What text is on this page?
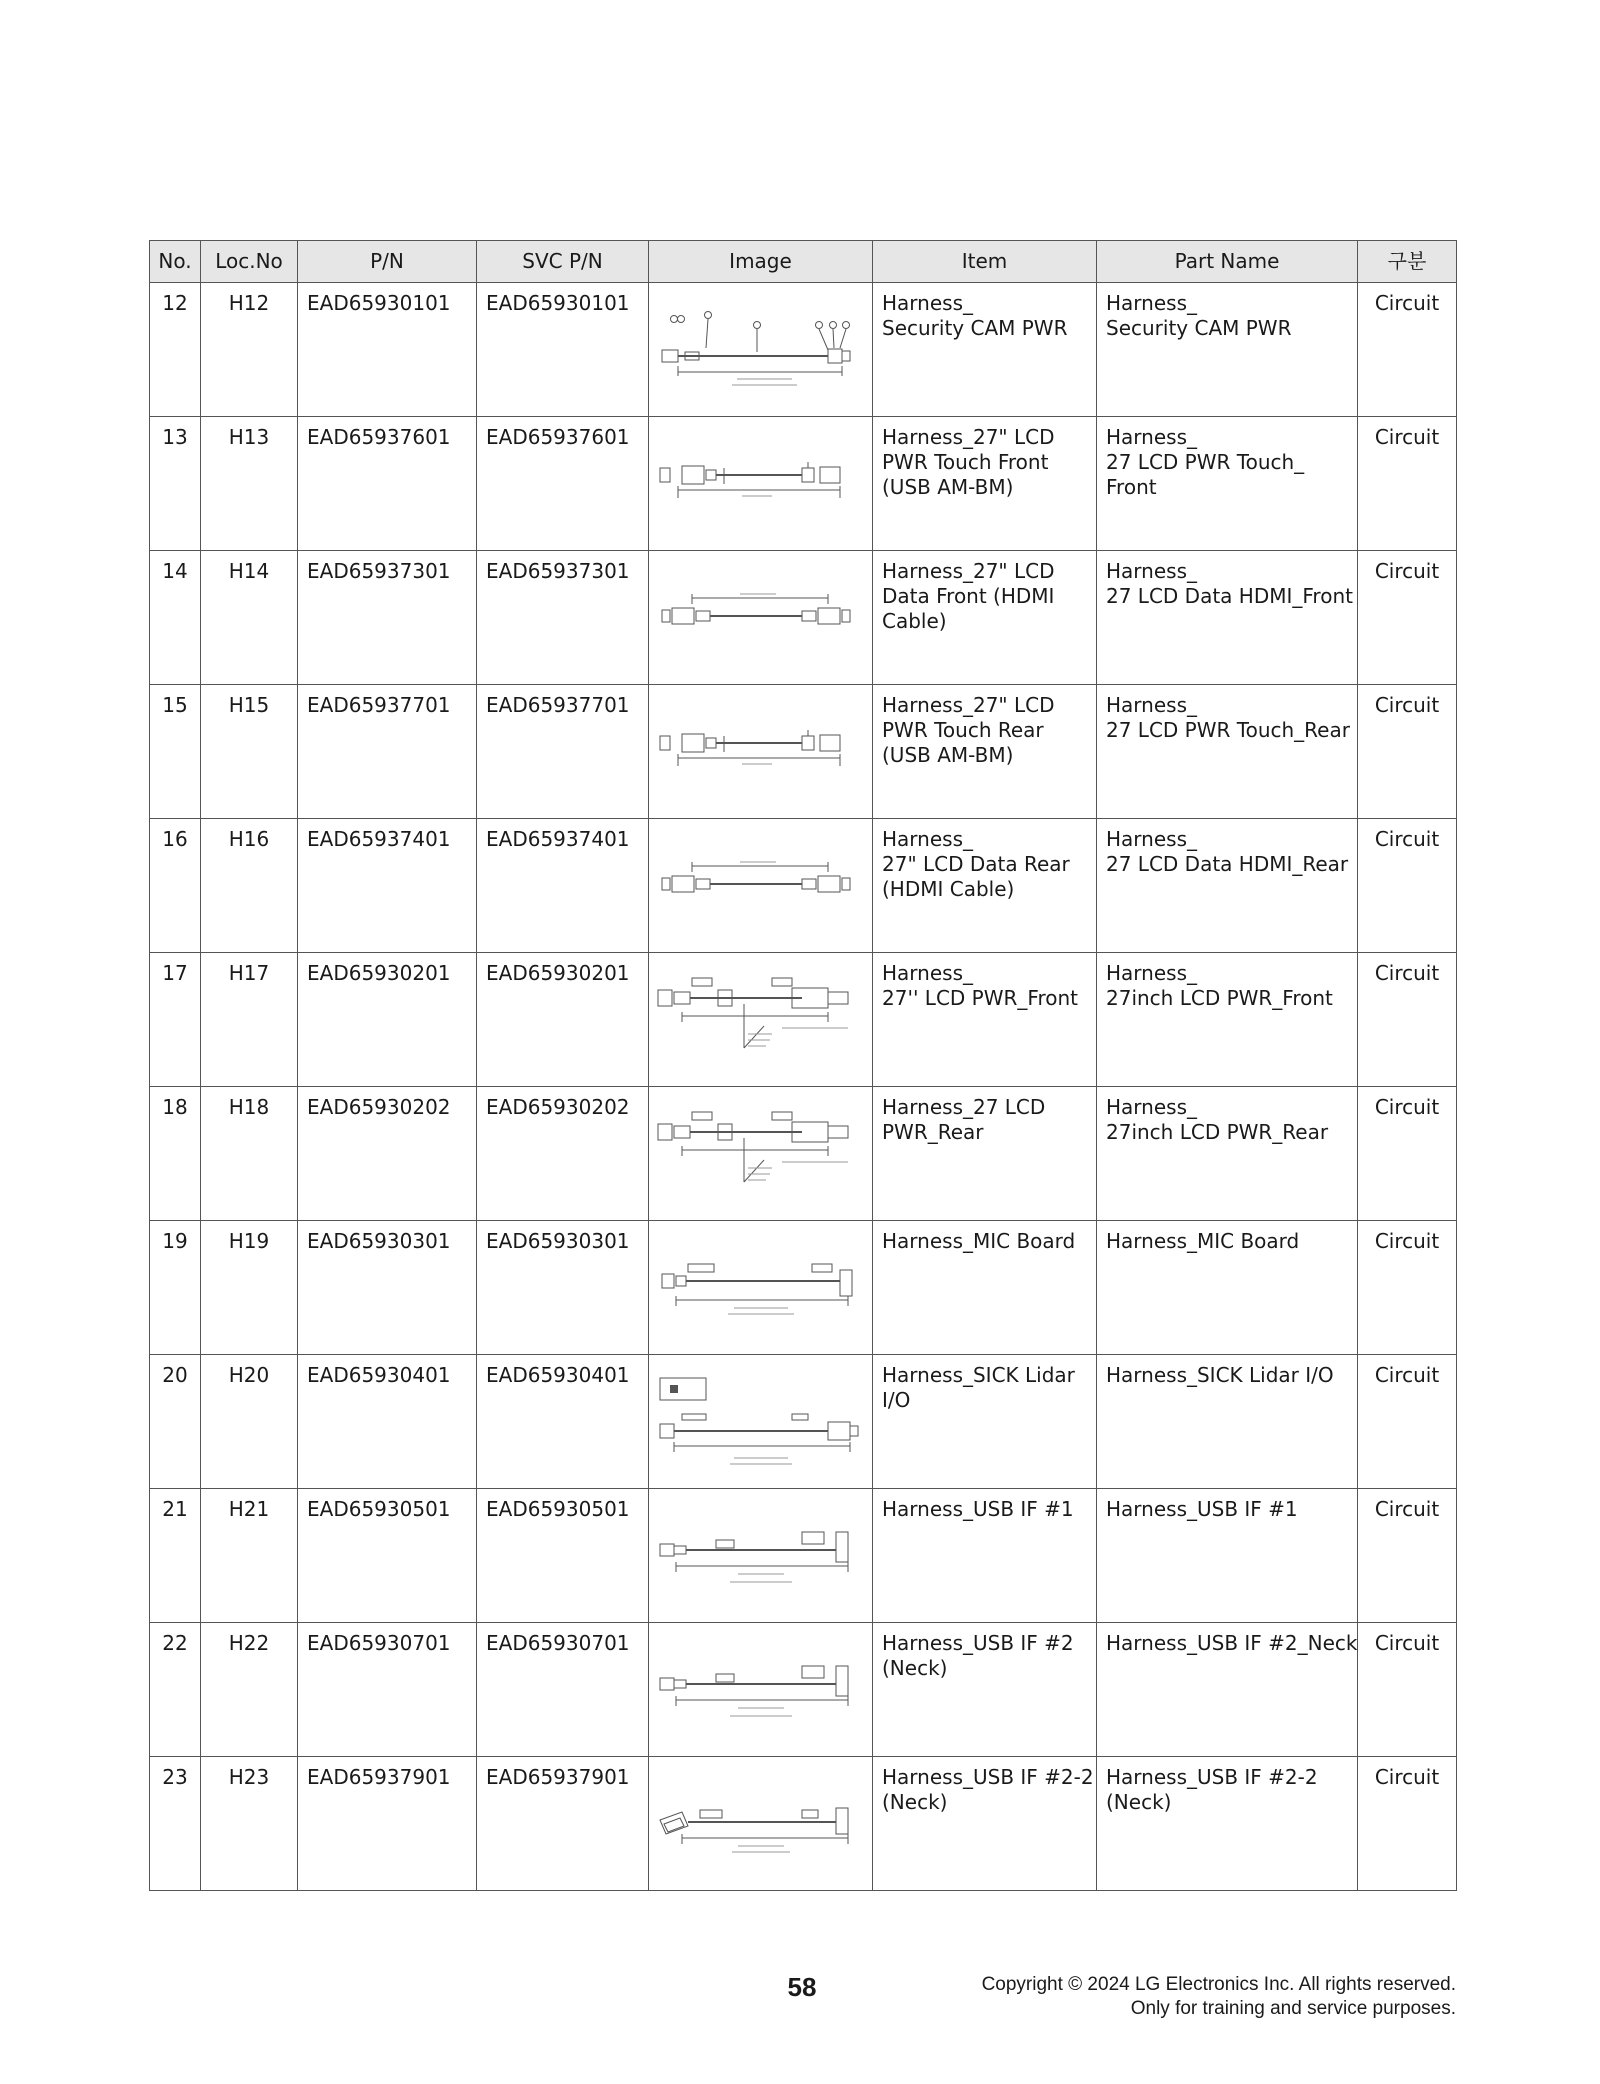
No.	Loc.No	P/N	SVC P/N	Image	Item	Part Name	구분
12	H12	EAD65930101	EAD65930101		Harness_
Security CAM PWR	Harness_
Security CAM PWR	Circuit
13	H13	EAD65937601	EAD65937601		Harness_27" LCD
PWR Touch Front
(USB AM-BM)	Harness_
27 LCD PWR Touch_
Front	Circuit
14	H14	EAD65937301	EAD65937301		Harness_27" LCD
Data Front (HDMI
Cable)	Harness_
27 LCD Data HDMI_Front	Circuit
15	H15	EAD65937701	EAD65937701		Harness_27" LCD
PWR Touch Rear
(USB AM-BM)	Harness_
27 LCD PWR Touch_Rear	Circuit
16	H16	EAD65937401	EAD65937401		Harness_
27" LCD Data Rear
(HDMI Cable)	Harness_
27 LCD Data HDMI_Rear	Circuit
17	H17	EAD65930201	EAD65930201		Harness_
27'' LCD PWR_Front	Harness_
27inch LCD PWR_Front	Circuit
18	H18	EAD65930202	EAD65930202		Harness_27 LCD
PWR_Rear	Harness_
27inch LCD PWR_Rear	Circuit
19	H19	EAD65930301	EAD65930301		Harness_MIC Board	Harness_MIC Board	Circuit
20	H20	EAD65930401	EAD65930401		Harness_SICK Lidar
I/O	Harness_SICK Lidar I/O	Circuit
21	H21	EAD65930501	EAD65930501		Harness_USB IF #1	Harness_USB IF #1	Circuit
22	H22	EAD65930701	EAD65930701		Harness_USB IF #2
(Neck)	Harness_USB IF #2_Neck	Circuit
23	H23	EAD65937901	EAD65937901		Harness_USB IF #2-2
(Neck)	Harness_USB IF #2-2
(Neck)	Circuit
58	Copyright © 2024 LG Electronics Inc. All rights reserved.
Only for training and service purposes.
